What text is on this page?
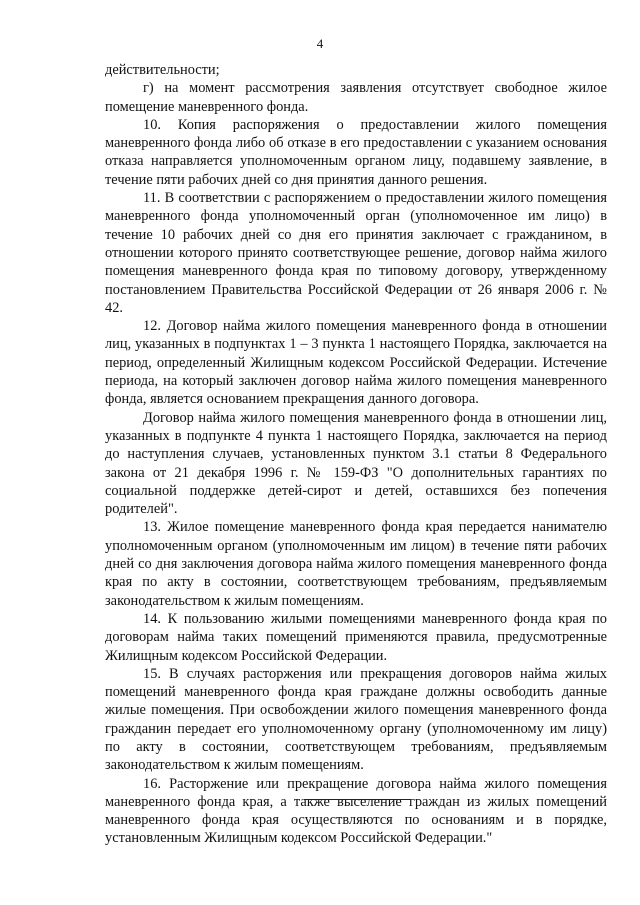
4

действительности;

г) на момент рассмотрения заявления отсутствует свободное жилое помещение маневренного фонда.

10. Копия распоряжения о предоставлении жилого помещения маневренного фонда либо об отказе в его предоставлении с указанием основания отказа направляется уполномоченным органом лицу, подавшему заявление, в течение пяти рабочих дней со дня принятия данного решения.

11. В соответствии с распоряжением о предоставлении жилого помещения маневренного фонда уполномоченный орган (уполномоченное им лицо) в течение 10 рабочих дней со дня его принятия заключает с гражданином, в отношении которого принято соответствующее решение, договор найма жилого помещения маневренного фонда края по типовому договору, утвержденному постановлением Правительства Российской Федерации от 26 января 2006 г. № 42.

12. Договор найма жилого помещения маневренного фонда в отношении лиц, указанных в подпунктах 1 – 3 пункта 1 настоящего Порядка, заключается на период, определенный Жилищным кодексом Российской Федерации. Истечение периода, на который заключен договор найма жилого помещения маневренного фонда, является основанием прекращения данного договора.

Договор найма жилого помещения маневренного фонда в отношении лиц, указанных в подпункте 4 пункта 1 настоящего Порядка, заключается на период до наступления случаев, установленных пунктом 3.1 статьи 8 Федерального закона от 21 декабря 1996 г. № 159-ФЗ "О дополнительных гарантиях по социальной поддержке детей-сирот и детей, оставшихся без попечения родителей".

13. Жилое помещение маневренного фонда края передается нанимателю уполномоченным органом (уполномоченным им лицом) в течение пяти рабочих дней со дня заключения договора найма жилого помещения маневренного фонда края по акту в состоянии, соответствующем требованиям, предъявляемым законодательством к жилым помещениям.

14. К пользованию жилыми помещениями маневренного фонда края по договорам найма таких помещений применяются правила, предусмотренные Жилищным кодексом Российской Федерации.

15. В случаях расторжения или прекращения договоров найма жилых помещений маневренного фонда края граждане должны освободить данные жилые помещения. При освобождении жилого помещения маневренного фонда гражданин передает его уполномоченному органу (уполномоченному им лицу) по акту в состоянии, соответствующем требованиям, предъявляемым законодательством к жилым помещениям.

16. Расторжение или прекращение договора найма жилого помещения маневренного фонда края, а также выселение граждан из жилых помещений маневренного фонда края осуществляются по основаниям и в порядке, установленным Жилищным кодексом Российской Федерации."
